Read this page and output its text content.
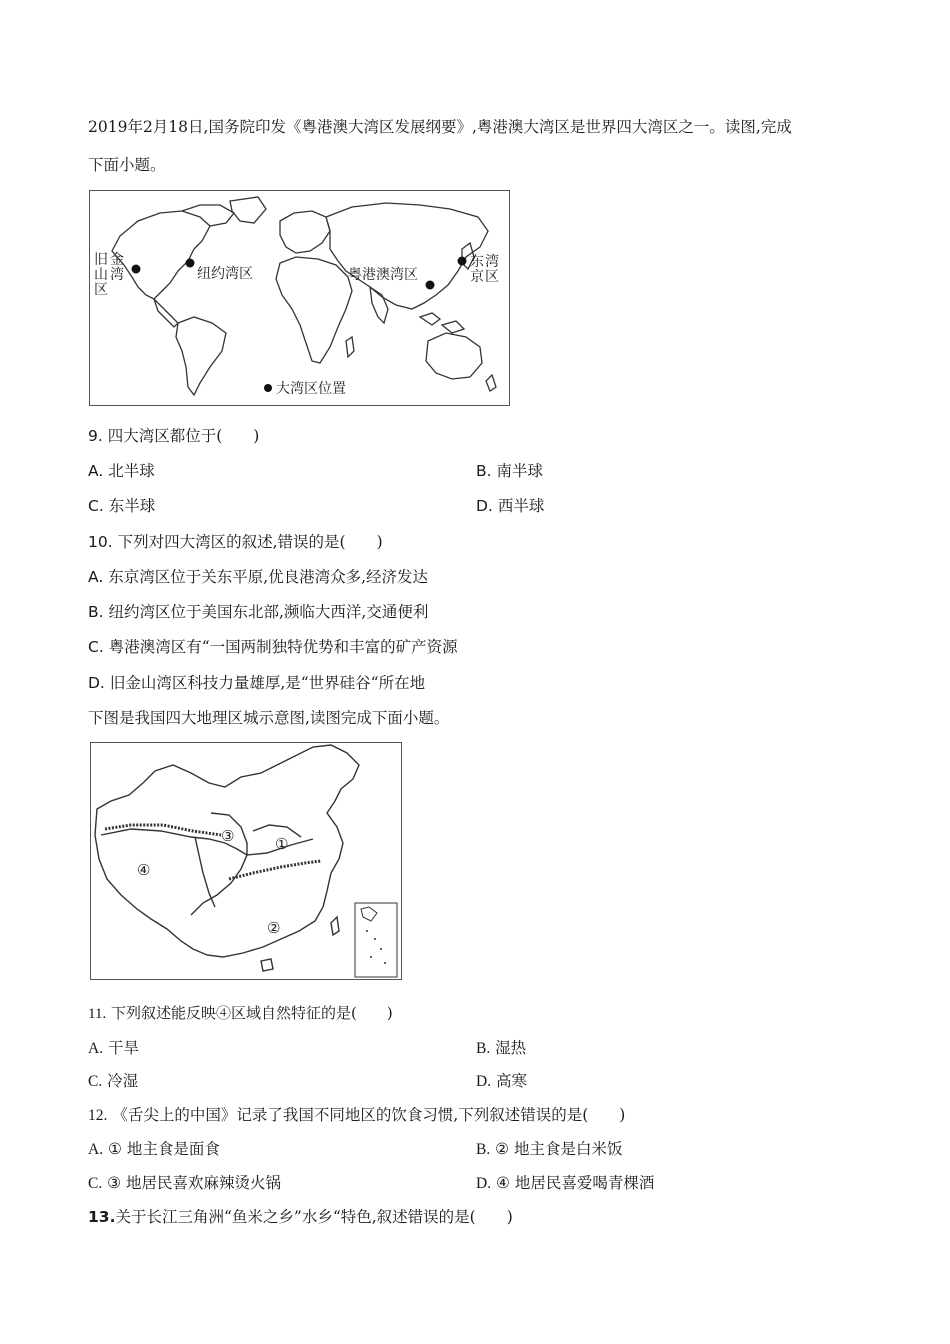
2019年2月18日,国务院印发《粤港澳大湾区发展纲要》,粤港澳大湾区是世界四大湾区之一。读图,完成
下面小题。
旧山区
金湾	纽约湾区	粤港澳湾区
东京
湾区
大湾区位置
9. 四大湾区都位于(　　)
A. 北半球	B. 南半球
C. 东半球	D. 西半球
10. 下列对四大湾区的叙述,错误的是(　　)
A. 东京湾区位于关东平原,优良港湾众多,经济发达
B. 纽约湾区位于美国东北部,濒临大西洋,交通便利
C. 粤港澳湾区有“一国两制独特优势和丰富的矿产资源
D. 旧金山湾区科技力量雄厚,是“世界硅谷“所在地
下图是我国四大地理区城示意图,读图完成下面小题。
③	①
④
②
11. 下列叙述能反映④区域自然特征的是(　　)
A. 干旱	B. 湿热
C. 冷湿	D. 高寒
12. 《舌尖上的中国》记录了我国不同地区的饮食习惯,下列叙述错误的是(　　)
A. ① 地主食是面食	B. ② 地主食是白米饭
C. ③ 地居民喜欢麻辣烫火锅	D. ④ 地居民喜爱喝青棵酒
13.关于长江三角洲“鱼米之乡”水乡“特色,叙述错误的是(　　)
